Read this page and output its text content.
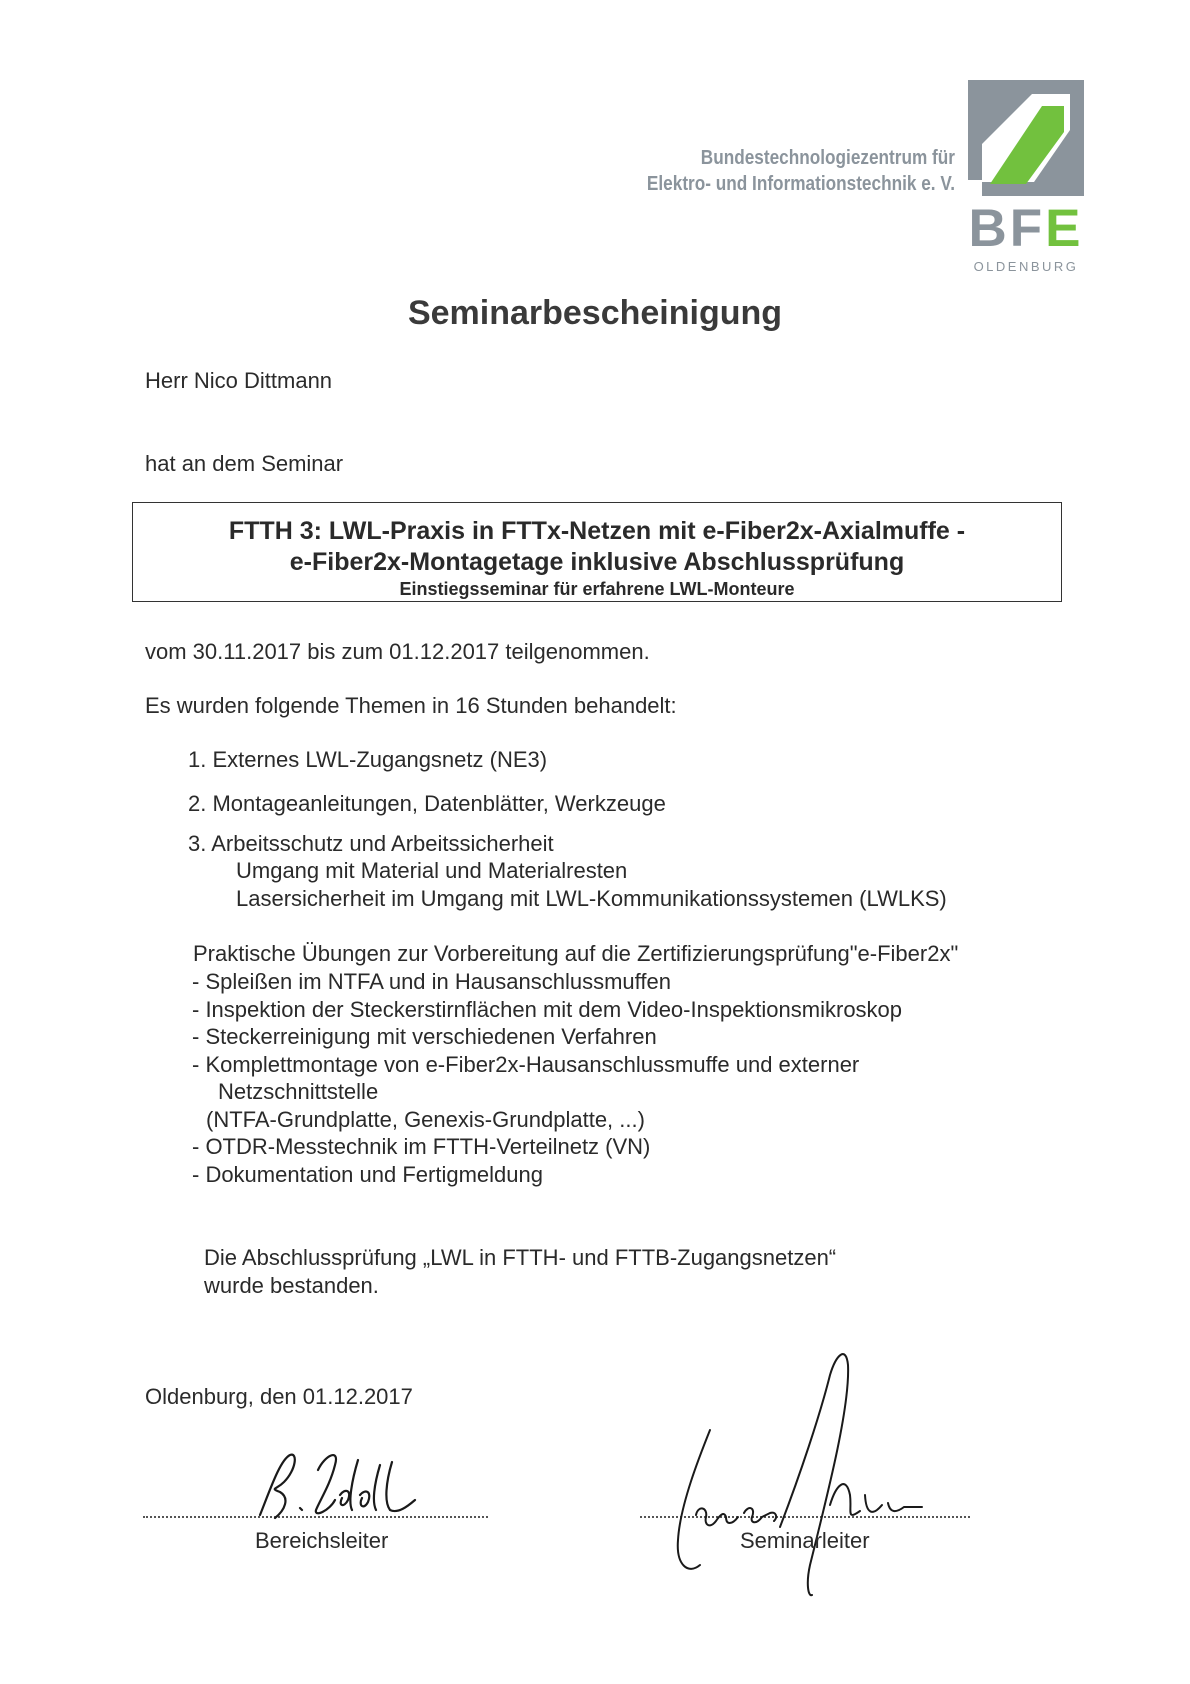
Bundestechnologiezentrum für
Elektro- und Informationstechnik e. V.
BFE
OLDENBURG
Seminarbescheinigung
Herr Nico Dittmann
hat an dem Seminar
FTTH 3: LWL-Praxis in FTTx-Netzen mit e-Fiber2x-Axialmuffe -
e-Fiber2x-Montagetage inklusive Abschlussprüfung
Einstiegsseminar für erfahrene LWL-Monteure
vom 30.11.2017 bis zum 01.12.2017 teilgenommen.
Es wurden folgende Themen in 16 Stunden behandelt:
1. Externes LWL-Zugangsnetz (NE3)
2. Montageanleitungen, Datenblätter, Werkzeuge
3. Arbeitsschutz und Arbeitssicherheit
Umgang mit Material und Materialresten
Lasersicherheit im Umgang mit LWL-Kommunikationssystemen (LWLKS)
Praktische Übungen zur Vorbereitung auf die Zertifizierungsprüfung"e-Fiber2x"
- Spleißen im NTFA und in Hausanschlussmuffen
- Inspektion der Steckerstirnflächen mit dem Video-Inspektionsmikroskop
- Steckerreinigung mit verschiedenen Verfahren
- Komplettmontage von e-Fiber2x-Hausanschlussmuffe und externer
Netzschnittstelle
(NTFA-Grundplatte, Genexis-Grundplatte, ...)
- OTDR-Messtechnik im FTTH-Verteilnetz (VN)
- Dokumentation und Fertigmeldung
Die Abschlussprüfung „LWL in FTTH- und FTTB-Zugangsnetzen“
wurde bestanden.
Oldenburg, den 01.12.2017
Bereichsleiter	Seminarleiter
